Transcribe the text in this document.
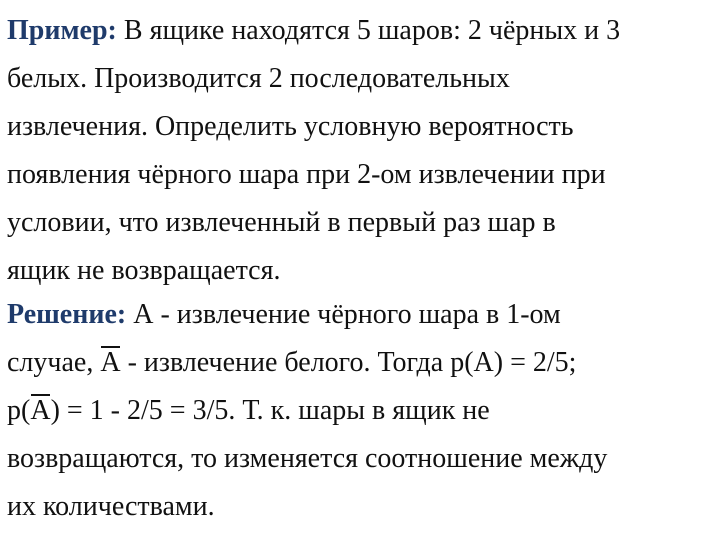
Пример: В ящике находятся 5 шаров: 2 чёрных и 3
белых. Производится 2 последовательных
извлечения. Определить условную вероятность
появления чёрного шара при 2-ом извлечении при
условии, что извлеченный в первый раз шар в
ящик не возвращается.
Решение: А - извлечение чёрного шара в 1-ом
случае, А - извлечение белого. Тогда p(A) = 2/5;
p(А) = 1 - 2/5 = 3/5. Т. к. шары в ящик не
возвращаются, то изменяется соотношение между
их количествами.
